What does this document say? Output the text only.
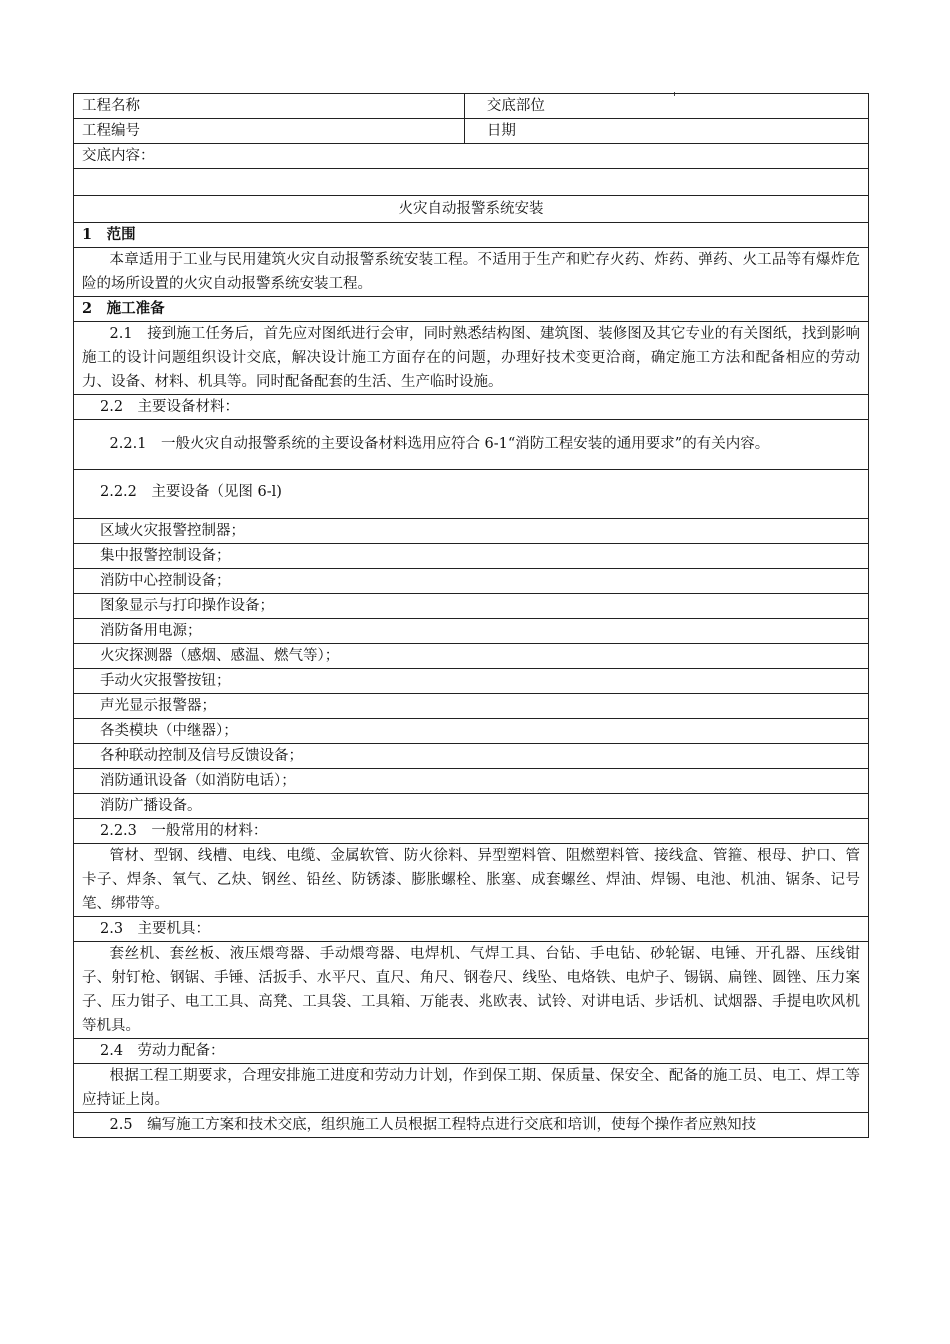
工程名称	交底部位
工程编号	日期
交底内容：	

火灾自动报警系统安装	
1　范围	
本章适用于工业与民用建筑火灾自动报警系统安装工程。不适用于生产和贮存火药、炸药、弹药、火工品等有爆炸危险的场所设置的火灾自动报警系统安装工程。	
2　施工准备	
2.1　接到施工任务后，首先应对图纸进行会审，同时熟悉结构图、建筑图、装修图及其它专业的有关图纸，找到影响施工的设计问题组织设计交底，解决设计施工方面存在的问题，办理好技术变更洽商，确定施工方法和配备相应的劳动力、设备、材料、机具等。同时配备配套的生活、生产临时设施。	
2.2　主要设备材料：	
2.2.1　一般火灾自动报警系统的主要设备材料选用应符合 6-1“消防工程安装的通用要求”的有关内容。	

2.2.2　主要设备（见图 6-l)	

区域火灾报警控制器；	
集中报警控制设备；	
消防中心控制设备；	
图象显示与打印操作设备；	
消防备用电源；	
火灾探测器（感烟、感温、燃气等）；	
手动火灾报警按钮；	
声光显示报警器；	
各类模块（中继器）；	
各种联动控制及信号反馈设备；	
消防通讯设备（如消防电话）；	
消防广播设备。	
2.2.3　一般常用的材料：	
管材、型钢、线槽、电线、电缆、金属软管、防火徐料、异型塑料管、阻燃塑料管、接线盒、管箍、根母、护口、管卡子、焊条、氧气、乙炔、钢丝、铅丝、防锈漆、膨胀螺栓、胀塞、成套螺丝、焊油、焊锡、电池、机油、锯条、记号笔、绑带等。	
2.3　主要机具：	
套丝机、套丝板、液压煨弯器、手动煨弯器、电焊机、气焊工具、台钻、手电钻、砂轮锯、电锤、开孔器、压线钳子、射钉枪、钢锯、手锤、活扳手、水平尺、直尺、角尺、钢卷尺、线坠、电烙铁、电炉子、锡锅、扁锉、圆锉、压力案子、压力钳子、电工工具、高凳、工具袋、工具箱、万能表、兆欧表、试铃、对讲电话、步话机、试烟器、手提电吹风机等机具。	
2.4　劳动力配备：	
根据工程工期要求，合理安排施工进度和劳动力计划，作到保工期、保质量、保安全、配备的施工员、电工、焊工等应持证上岗。	
2.5　编写施工方案和技术交底，组织施工人员根据工程特点进行交底和培训，使每个操作者应熟知技	
